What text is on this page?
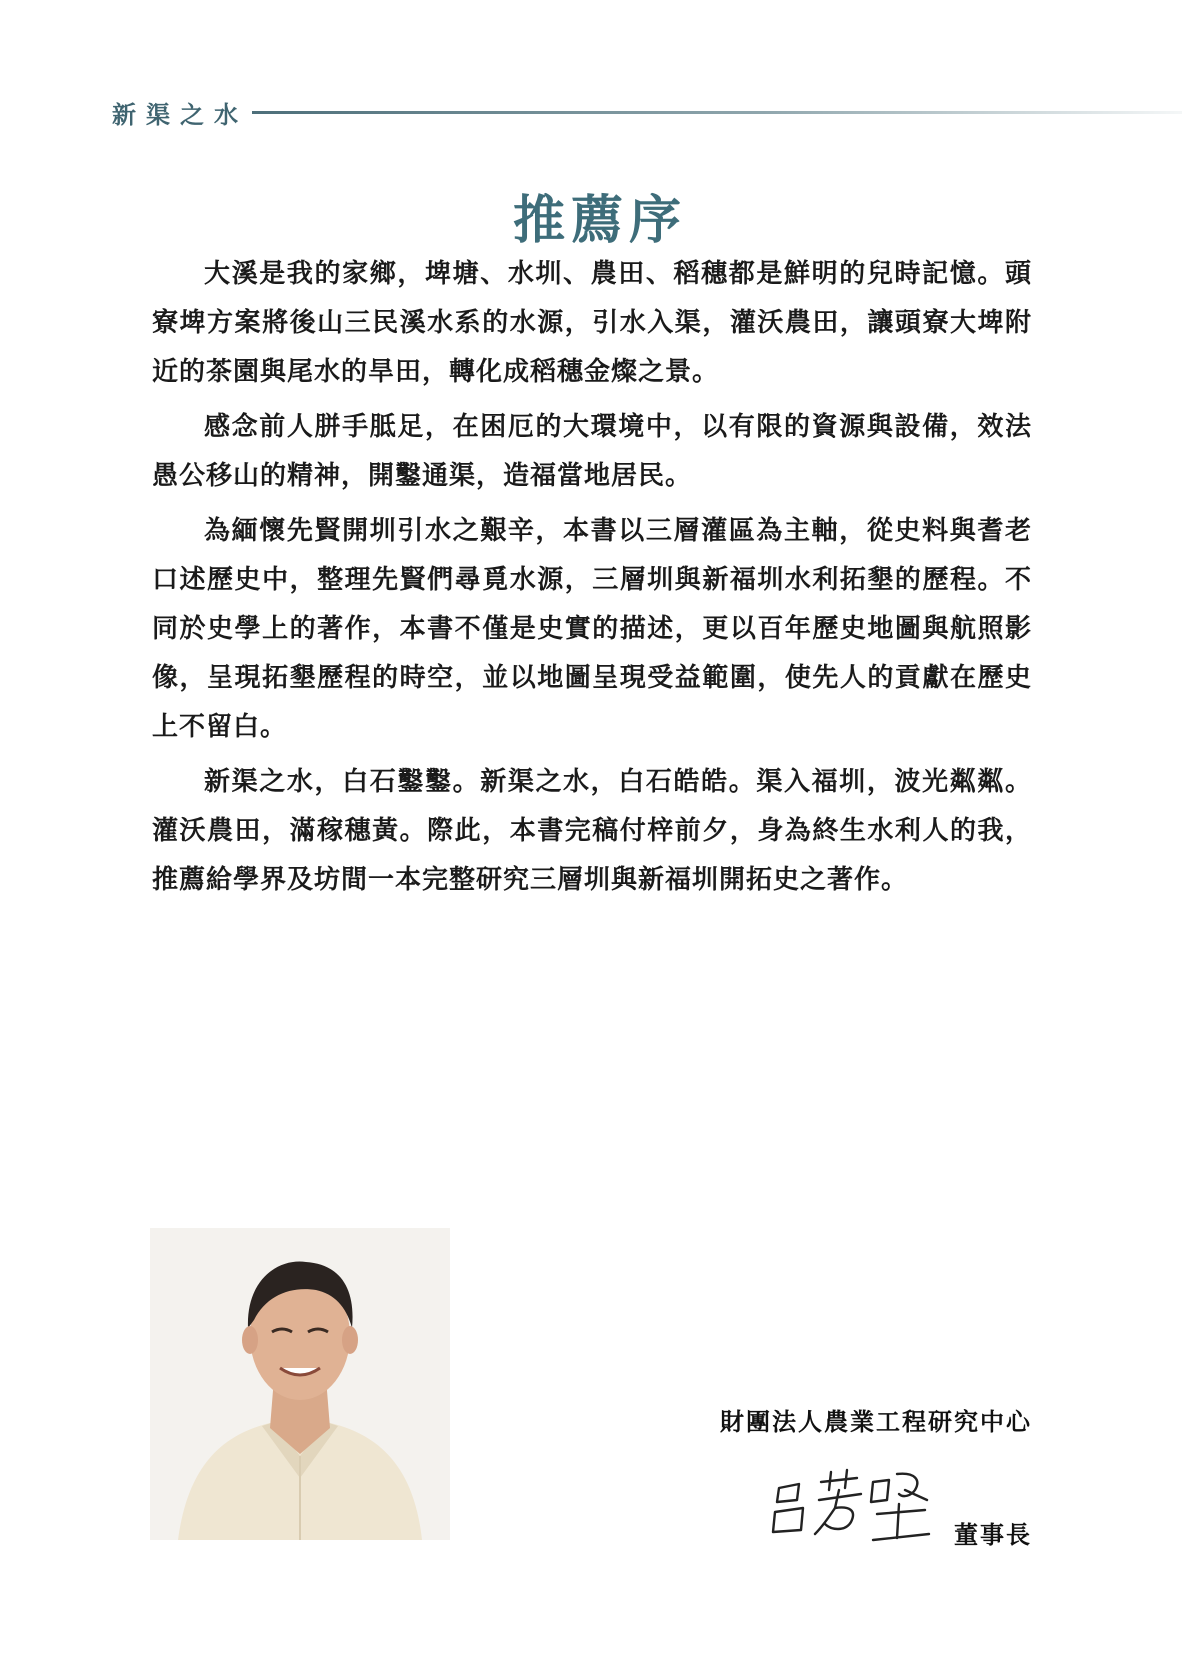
新渠之水
推薦序

大溪是我的家鄉，埤塘、水圳、農田、稻穗都是鮮明的兒時記憶。頭寮埤方案將後山三民溪水系的水源，引水入渠，灌沃農田，讓頭寮大埤附近的茶園與尾水的旱田，轉化成稻穗金燦之景。

感念前人胼手胝足，在困厄的大環境中，以有限的資源與設備，效法愚公移山的精神，開鑿通渠，造福當地居民。

為緬懷先賢開圳引水之艱辛，本書以三層灌區為主軸，從史料與耆老口述歷史中，整理先賢們尋覓水源，三層圳與新福圳水利拓墾的歷程。不同於史學上的著作，本書不僅是史實的描述，更以百年歷史地圖與航照影像，呈現拓墾歷程的時空，並以地圖呈現受益範圍，使先人的貢獻在歷史上不留白。

新渠之水，白石鑿鑿。新渠之水，白石皓皓。渠入福圳，波光粼粼。灌沃農田，滿稼穗黃。際此，本書完稿付梓前夕，身為終生水利人的我，推薦給學界及坊間一本完整研究三層圳與新福圳開拓史之著作。

財團法人農業工程研究中心
董事長
